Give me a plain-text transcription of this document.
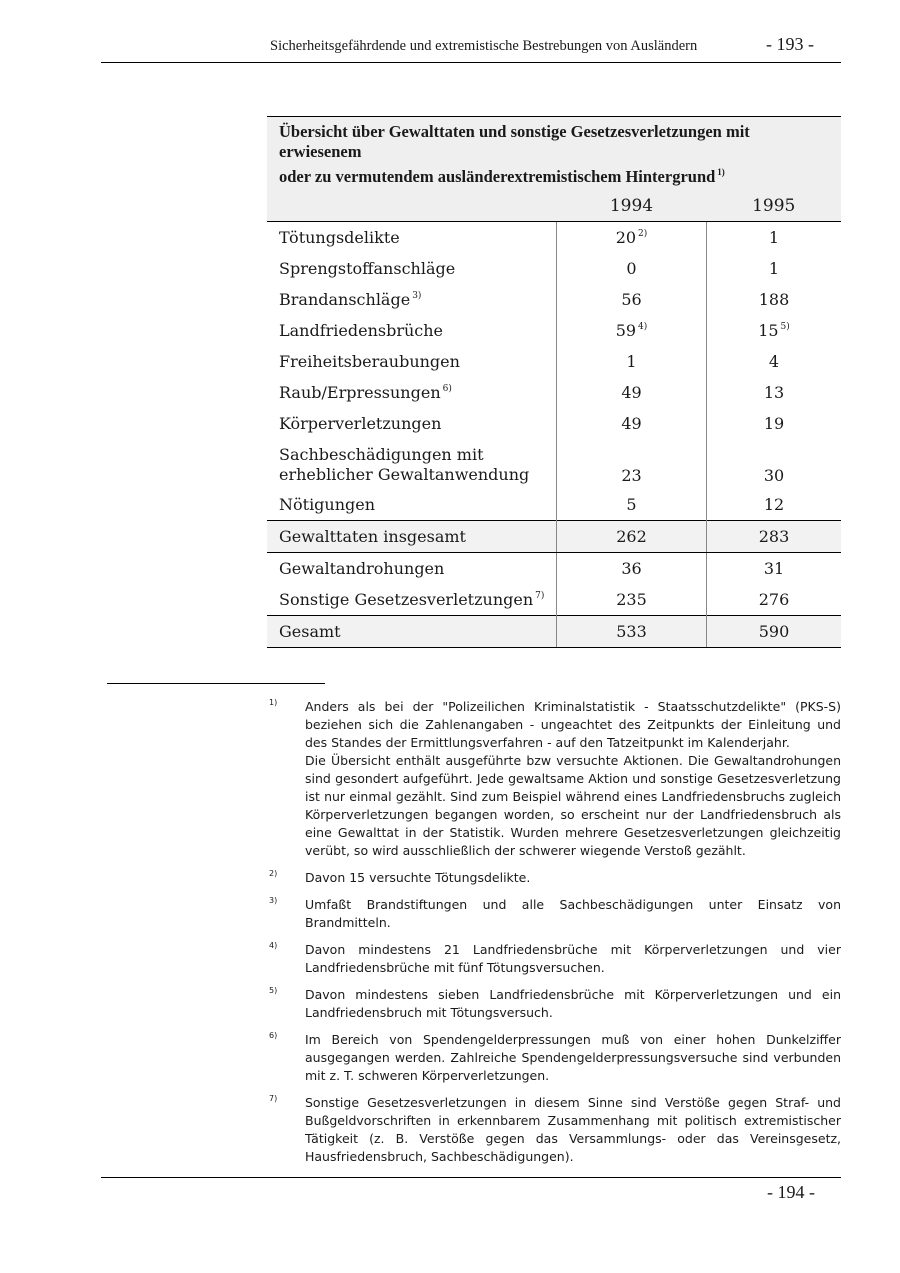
Sicherheitsgefährdende und extremistische Bestrebungen von Ausländern	- 193 -
Übersicht über Gewalttaten und sonstige Gesetzesverletzungen mit erwiesenem
oder zu vermutendem ausländerextremistischem Hintergrund $^{1)}$
	1994	1995
Tötungsdelikte	20 $^{2)}$	1
Sprengstoffanschläge	0	1
Brandanschläge $^{3)}$	56	188
Landfriedensbrüche	59 $^{4)}$	15 $^{5)}$
Freiheitsberaubungen	1	4
Raub/Erpressungen $^{6)}$	49	13
Körperverletzungen	49	19
Sachbeschädigungen mit
erheblicher Gewaltanwendung	23	30
Nötigungen	5	12
Gewalttaten insgesamt	262	283
Gewaltandrohungen	36	31
Sonstige Gesetzesverletzungen $^{7)}$	235	276
Gesamt	533	590
1) Anders als bei der "Polizeilichen Kriminalstatistik - Staatsschutzdelikte" (PKS-S) beziehen sich die Zahlenangaben - ungeachtet des Zeitpunkts der Einleitung und des Standes der Ermittlungsverfahren - auf den Tatzeitpunkt im Kalenderjahr.

Die Übersicht enthält ausgeführte bzw versuchte Aktionen. Die Gewaltandrohungen sind gesondert aufgeführt. Jede gewaltsame Aktion und sonstige Gesetzesverletzung ist nur einmal gezählt. Sind zum Beispiel während eines Landfriedensbruchs zugleich Körperverletzungen begangen worden, so erscheint nur der Landfriedensbruch als eine Gewalttat in der Statistik. Wurden mehrere Gesetzesverletzungen gleichzeitig verübt, so wird ausschließlich der schwerer wiegende Verstoß gezählt.

2) Davon 15 versuchte Tötungsdelikte.

3) Umfaßt Brandstiftungen und alle Sachbeschädigungen unter Einsatz von Brandmitteln.

4) Davon mindestens 21 Landfriedensbrüche mit Körperverletzungen und vier Landfriedensbrüche mit fünf Tötungsversuchen.

5) Davon mindestens sieben Landfriedensbrüche mit Körperverletzungen und ein Landfriedensbruch mit Tötungsversuch.

6) Im Bereich von Spendengelderpressungen muß von einer hohen Dunkelziffer ausgegangen werden. Zahlreiche Spendengelderpressungsversuche sind verbunden mit z. T. schweren Körperverletzungen.

7) Sonstige Gesetzesverletzungen in diesem Sinne sind Verstöße gegen Straf- und Bußgeldvorschriften in erkennbarem Zusammenhang mit politisch extremistischer Tätigkeit (z. B. Verstöße gegen das Versammlungs- oder das Vereinsgesetz, Hausfriedensbruch, Sachbeschädigungen).

- 194 -
